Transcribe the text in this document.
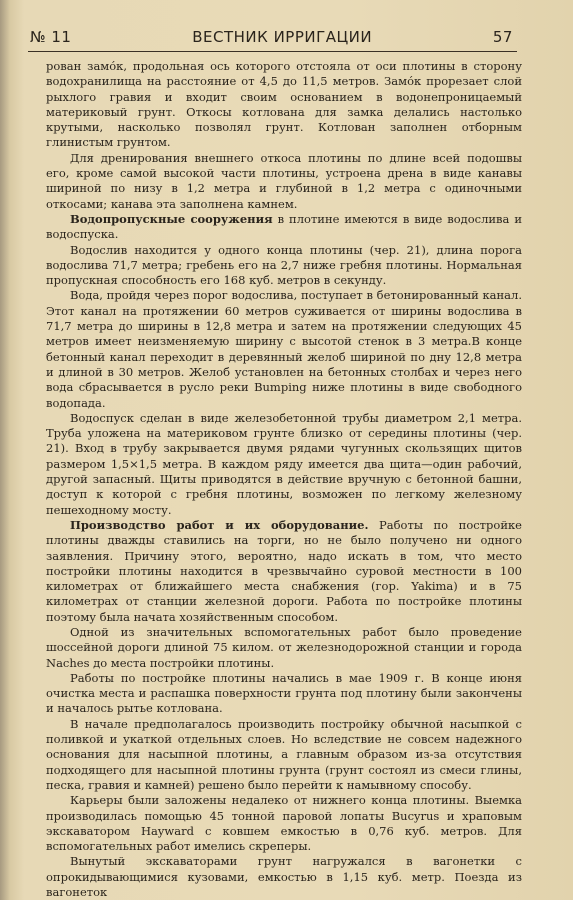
№ 11	ВЕСТНИК ИРРИГАЦИИ	57

рован замо́к, продольная ось которого отстояла от оси плотины в сторону водохранилища на расстояние от 4,5 до 11,5 метров. Замо́к прорезает слой рыхлого гравия и входит своим основанием в водонепроницаемый материковый грунт. Откосы котлована для замка делались настолько крутыми, насколько позволял грунт. Котлован заполнен отборным глинистым грунтом.

Для дренирования внешнего откоса плотины по длине всей подошвы его, кроме самой высокой части плотины, устроена дрена в виде канавы шириной по низу в 1,2 метра и глубиной в 1,2 метра с одиночными откосами; канава эта заполнена камнем.

Водопропускные сооружения в плотине имеются в виде водослива и водоспуска.

Водослив находится у одного конца плотины (чер. 21), длина порога водослива 71,7 метра; гребень его на 2,7 ниже гребня плотины. Нормальная пропускная способность его 168 куб. метров в секунду.

Вода, пройдя через порог водослива, поступает в бетонированный канал. Этот канал на протяжении 60 метров суживается от ширины водослива в 71,7 метра до ширины в 12,8 метра и затем на протяжении следующих 45 метров имеет неизменяемую ширину с высотой стенок в 3 метра.В конце бетонный канал переходит в деревянный желоб шириной по дну 12,8 метра и длиной в 30 метров. Желоб установлен на бетонных столбах и через него вода сбрасывается в русло реки Bumping ниже плотины в виде свободного водопада.

Водоспуск сделан в виде железобетонной трубы диаметром 2,1 метра. Труба уложена на материковом грунте близко от середины плотины (чер. 21). Вход в трубу закрывается двумя рядами чугунных скользящих щитов размером 1,5×1,5 метра. В каждом ряду имеется два щита—один рабочий, другой запасный. Щиты приводятся в действие вручную с бетонной башни, доступ к которой с гребня плотины, возможен по легкому железному пешеходному мосту.

Производство работ и их оборудование. Работы по постройке плотины дважды ставились на торги, но не было получено ни одного заявления. Причину этого, вероятно, надо искать в том, что место постройки плотины находится в чрезвычайно суровой местности в 100 километрах от ближайшего места снабжения (гор. Yakima) и в 75 километрах от станции железной дороги. Работа по постройке плотины поэтому была начата хозяйственным способом.

Одной из значительных вспомогательных работ было проведение шоссейной дороги длиной 75 килом. от железнодорожной станции и города Naches до места постройки плотины.

Работы по постройке плотины начались в мае 1909 г. В конце июня очистка места и распашка поверхности грунта под плотину были закончены и началось рытье котлована.

В начале предполагалось производить постройку обычной насыпкой с поливкой и укаткой отдельных слоев. Но вследствие не совсем надежного основания для насыпной плотины, а главным образом из-за отсутствия подходящего для насыпной плотины грунта (грунт состоял из смеси глины, песка, гравия и камней) решено было перейти к намывному способу.

Карьеры были заложены недалеко от нижнего конца плотины. Выемка производилась помощью 45 тонной паровой лопаты Bucyrus и храповым экскаватором Hayward с ковшем емкостью в 0,76 куб. метров. Для вспомогательных работ имелись скреперы.

Вынутый экскаваторами грунт нагружался в вагонетки с опрокидывающимися кузовами, емкостью в 1,15 куб. метр. Поезда из вагонеток
